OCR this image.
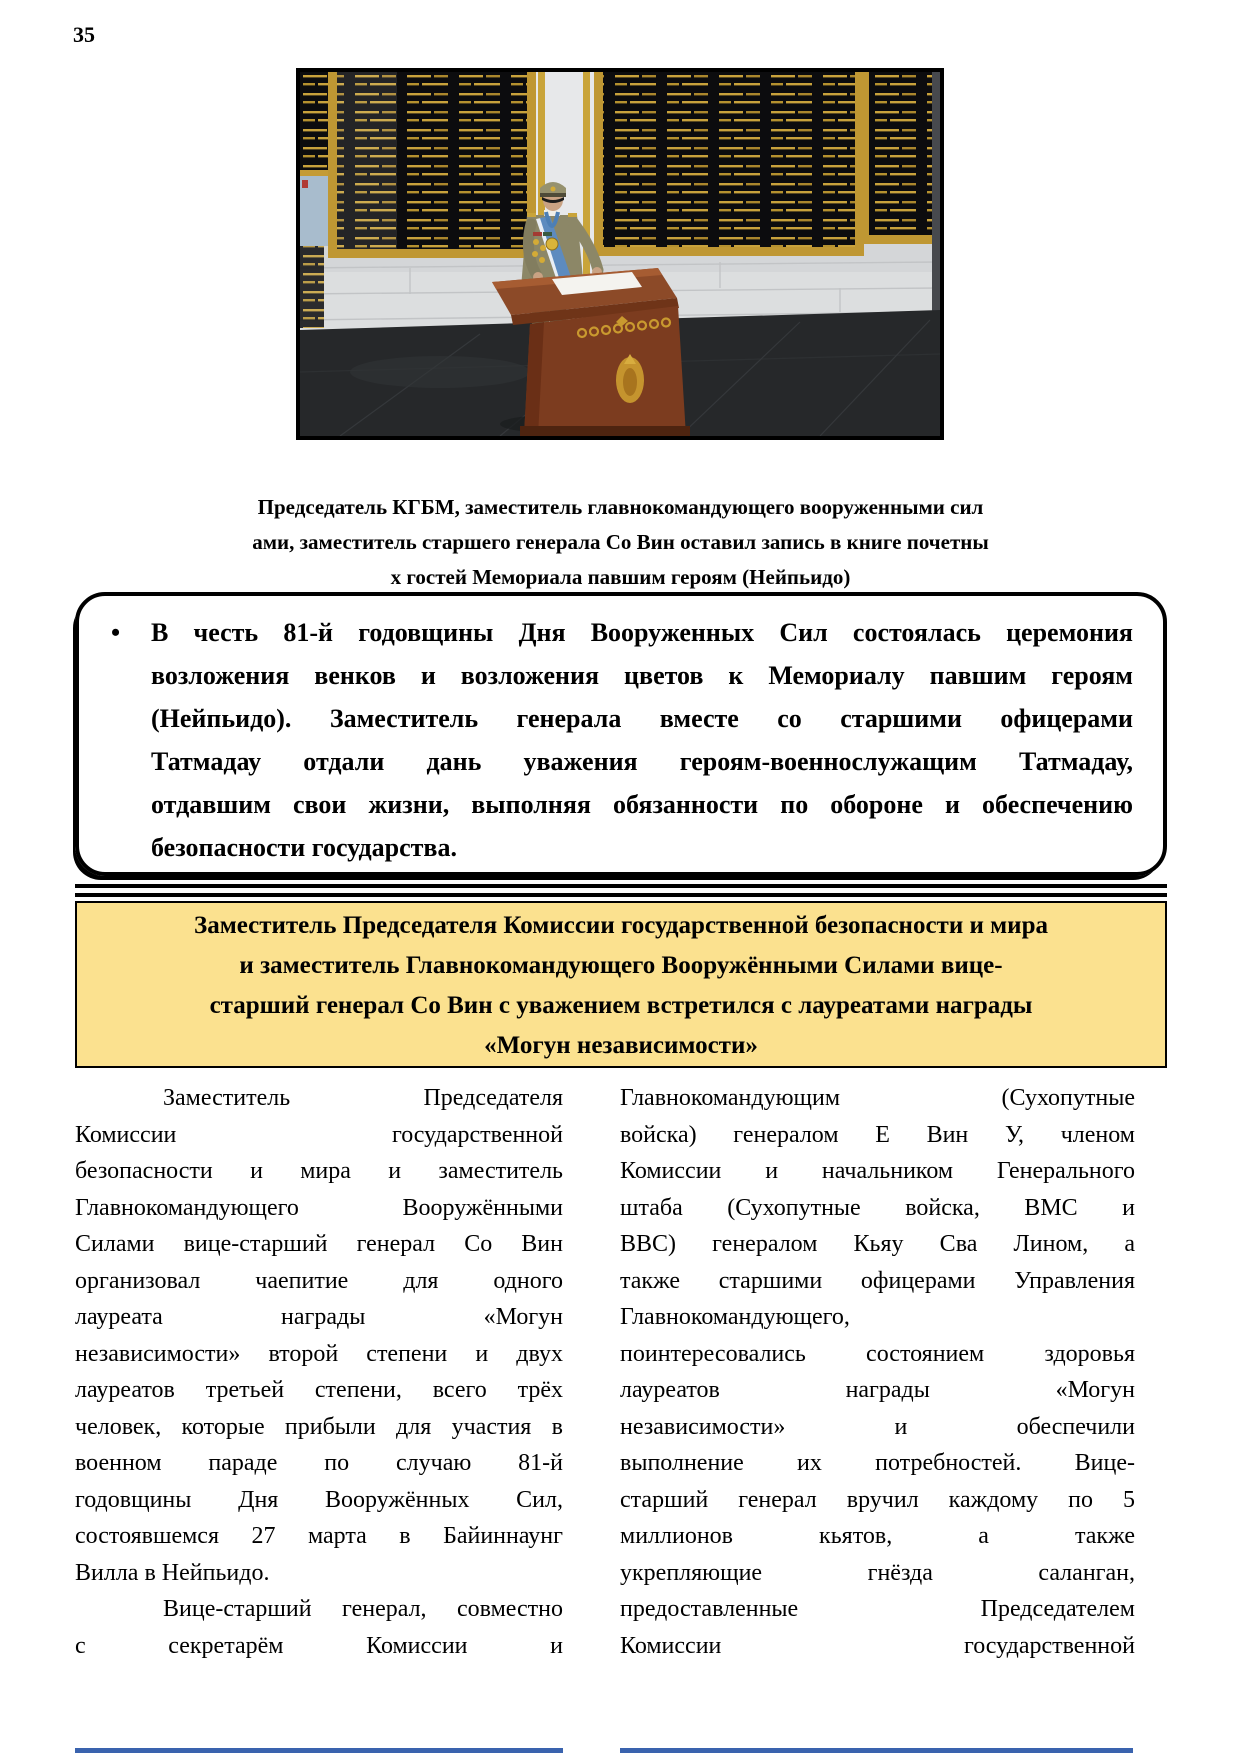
35
Председатель КГБМ, заместитель главнокомандующего вооруженными сил
ами, заместитель старшего генерала Со Вин оставил запись в книге почетны
х гостей Мемориала павшим героям (Нейпьидо)
•	В честь 81-й годовщины Дня Вооруженных Сил состоялась церемония
возложения венков и возложения цветов к Мемориалу павшим героям
(Нейпьидо). Заместитель генерала вместе со старшими офицерами
Татмадау отдали дань уважения героям-военнослужащим Татмадау,
отдавшим свои жизни, выполняя обязанности по обороне и обеспечению
безопасности государства.
Заместитель Председателя Комиссии государственной безопасности и мира
и заместитель Главнокомандующего Вооружёнными Силами вице-
старший генерал Со Вин с уважением встретился с лауреатами награды
«Могун независимости»
Заместитель Председателя
Комиссии государственной
безопасности и мира и заместитель
Главнокомандующего Вооружёнными
Силами вице-старший генерал Со Вин
организовал чаепитие для одного
лауреата награды «Могун
независимости» второй степени и двух
лауреатов третьей степени, всего трёх
человек, которые прибыли для участия в
военном параде по случаю 81-й
годовщины Дня Вооружённых Сил,
состоявшемся 27 марта в Байиннаунг
Вилла в Нейпьидо.
Вице-старший генерал, совместно
с секретарём Комиссии и
Главнокомандующим (Сухопутные
войска) генералом Е Вин У, членом
Комиссии и начальником Генерального
штаба (Сухопутные войска, ВМС и
ВВС) генералом Кьяу Сва Лином, а
также старшими офицерами Управления
Главнокомандующего,
поинтересовались состоянием здоровья
лауреатов награды «Могун
независимости» и обеспечили
выполнение их потребностей. Вице-
старший генерал вручил каждому по 5
миллионов кьятов, а также
укрепляющие гнёзда саланган,
предоставленные Председателем
Комиссии государственной
